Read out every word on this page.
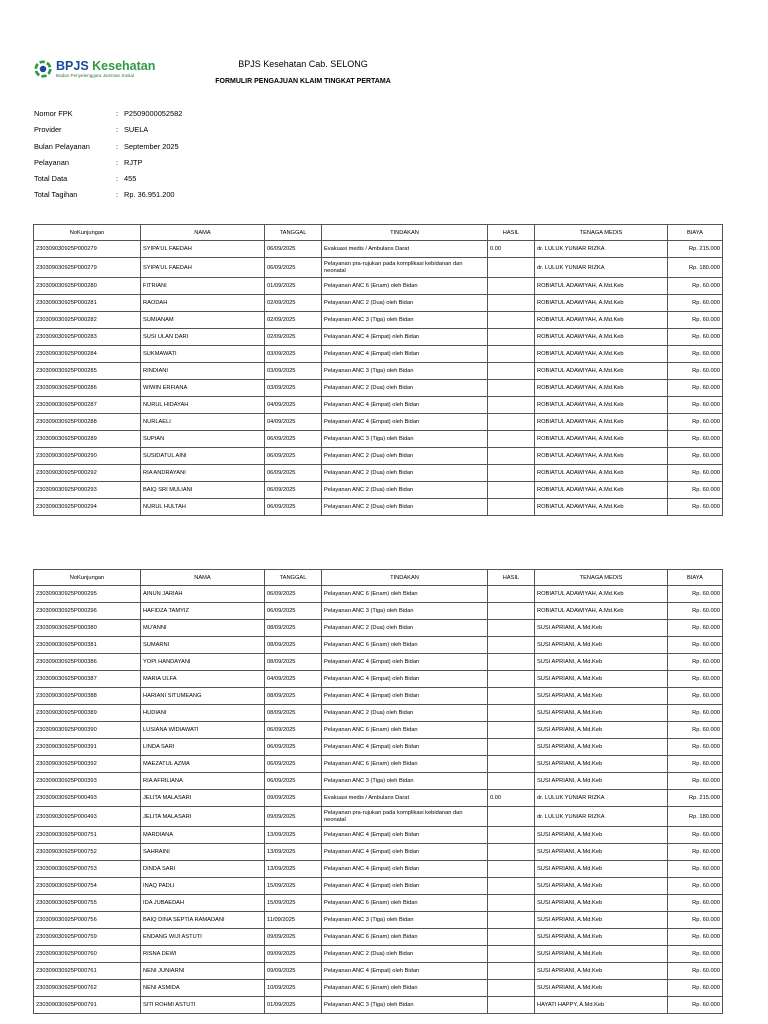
BPJS Kesehatan
Badan Penyelenggara Jaminan Sosial
BPJS Kesehatan Cab. SELONG
FORMULIR PENGAJUAN KLAIM TINGKAT PERTAMA
Nomor FPK	: P2509000052582
Provider	: SUELA
Bulan Pelayanan	: September 2025
Pelayanan	: RJTP
Total Data	: 455
Total Tagihan	: Rp. 36.951.200
NoKunjungan	NAMA	TANGGAL	TINDAKAN	HASIL	TENAGA MEDIS	BIAYA
230309030925P000279	SYIPA'UL FAEDAH	06/09/2025	Evakuasi medis / Ambulans Darat	0.00	dr. LULUK YUNIAR RIZKA	Rp. 215.000
230309030925P000279	SYIPA'UL FAEDAH	06/09/2025	Pelayanan pra-rujukan pada komplikasi kebidanan dan neonatal		dr. LULUK YUNIAR RIZKA	Rp. 180.000
230309030925P000280	FITRIANI	01/09/2025	Pelayanan ANC 6 (Enam) oleh Bidan		ROBIATUL ADAWIYAH, A.Md.Keb	Rp. 60.000
230309030925P000281	RAODAH	02/09/2025	Pelayanan ANC 2 (Dua) oleh Bidan		ROBIATUL ADAWIYAH, A.Md.Keb	Rp. 60.000
230309030925P000282	SUMIANAM	02/09/2025	Pelayanan ANC 3 (Tiga) oleh Bidan		ROBIATUL ADAWIYAH, A.Md.Keb	Rp. 60.000
230309030925P000283	SUSI ULAN DARI	02/09/2025	Pelayanan ANC 4 (Empat) oleh Bidan		ROBIATUL ADAWIYAH, A.Md.Keb	Rp. 60.000
230309030925P000284	SUKMAWATI	03/09/2025	Pelayanan ANC 4 (Empat) oleh Bidan		ROBIATUL ADAWIYAH, A.Md.Keb	Rp. 60.000
230309030925P000285	RINDIANI	03/09/2025	Pelayanan ANC 3 (Tiga) oleh Bidan		ROBIATUL ADAWIYAH, A.Md.Keb	Rp. 60.000
230309030925P000286	WIWIN ERFIANA	03/09/2025	Pelayanan ANC 2 (Dua) oleh Bidan		ROBIATUL ADAWIYAH, A.Md.Keb	Rp. 60.000
230309030925P000287	NURUL HIDAYAH	04/09/2025	Pelayanan ANC 4 (Empat) oleh Bidan		ROBIATUL ADAWIYAH, A.Md.Keb	Rp. 60.000
230309030925P000288	NURLAELI	04/09/2025	Pelayanan ANC 4 (Empat) oleh Bidan		ROBIATUL ADAWIYAH, A.Md.Keb	Rp. 60.000
230309030925P000289	SUPIAN	06/09/2025	Pelayanan ANC 3 (Tiga) oleh Bidan		ROBIATUL ADAWIYAH, A.Md.Keb	Rp. 60.000
230309030925P000290	SUSIDATUL AINI	06/09/2025	Pelayanan ANC 2 (Dua) oleh Bidan		ROBIATUL ADAWIYAH, A.Md.Keb	Rp. 60.000
230309030925P000292	RIA ANDRAYANI	06/09/2025	Pelayanan ANC 2 (Dua) oleh Bidan		ROBIATUL ADAWIYAH, A.Md.Keb	Rp. 60.000
230309030925P000293	BAIQ SRI MULIANI	06/09/2025	Pelayanan ANC 2 (Dua) oleh Bidan		ROBIATUL ADAWIYAH, A.Md.Keb	Rp. 60.000
230309030925P000294	NURUL HULTAH	06/09/2025	Pelayanan ANC 2 (Dua) oleh Bidan		ROBIATUL ADAWIYAH, A.Md.Keb	Rp. 60.000
NoKunjungan	NAMA	TANGGAL	TINDAKAN	HASIL	TENAGA MEDIS	BIAYA
230309030925P000295	AINUN JARIAH	06/09/2025	Pelayanan ANC 6 (Enam) oleh Bidan		ROBIATUL ADAWIYAH, A.Md.Keb	Rp. 60.000
230309030925P000296	HAFIDZA TAMYIZ	06/09/2025	Pelayanan ANC 3 (Tiga) oleh Bidan		ROBIATUL ADAWIYAH, A.Md.Keb	Rp. 60.000
230309030925P000380	MU'ANNI	08/09/2025	Pelayanan ANC 2 (Dua) oleh Bidan		SUSI APRIANI, A.Md.Keb	Rp. 60.000
230309030925P000381	SUMARNI	08/09/2025	Pelayanan ANC 6 (Enam) oleh Bidan		SUSI APRIANI, A.Md.Keb	Rp. 60.000
230309030925P000386	YOPI HANDAYANI	08/09/2025	Pelayanan ANC 4 (Empat) oleh Bidan		SUSI APRIANI, A.Md.Keb	Rp. 60.000
230309030925P000387	MARIA ULFA	04/09/2025	Pelayanan ANC 4 (Empat) oleh Bidan		SUSI APRIANI, A.Md.Keb	Rp. 60.000
230309030925P000388	HARIANI SITUMEANG	08/09/2025	Pelayanan ANC 4 (Empat) oleh Bidan		SUSI APRIANI, A.Md.Keb	Rp. 60.000
230309030925P000389	HUDIANI	08/09/2025	Pelayanan ANC 2 (Dua) oleh Bidan		SUSI APRIANI, A.Md.Keb	Rp. 60.000
230309030925P000390	LUSIANA WIDIAWATI	06/09/2025	Pelayanan ANC 6 (Enam) oleh Bidan		SUSI APRIANI, A.Md.Keb	Rp. 60.000
230309030925P000391	LINDA SARI	06/09/2025	Pelayanan ANC 4 (Empat) oleh Bidan		SUSI APRIANI, A.Md.Keb	Rp. 60.000
230309030925P000392	MAEZATUL AZMA	06/09/2025	Pelayanan ANC 6 (Enam) oleh Bidan		SUSI APRIANI, A.Md.Keb	Rp. 60.000
230309030925P000393	RIA AFRILIANA	06/09/2025	Pelayanan ANC 3 (Tiga) oleh Bidan		SUSI APRIANI, A.Md.Keb	Rp. 60.000
230309030925P000493	JELITA MALASARI	09/09/2025	Evakuasi medis / Ambulans Darat	0.00	dr. LULUK YUNIAR RIZKA	Rp. 215.000
230309030925P000493	JELITA MALASARI	09/09/2025	Pelayanan pra-rujukan pada komplikasi kebidanan dan neonatal		dr. LULUK YUNIAR RIZKA	Rp. 180.000
230309030925P000751	MARDIANA	13/09/2025	Pelayanan ANC 4 (Empat) oleh Bidan		SUSI APRIANI, A.Md.Keb	Rp. 60.000
230309030925P000752	SAHRAINI	13/09/2025	Pelayanan ANC 4 (Empat) oleh Bidan		SUSI APRIANI, A.Md.Keb	Rp. 60.000
230309030925P000753	DINDA SARI	13/09/2025	Pelayanan ANC 4 (Empat) oleh Bidan		SUSI APRIANI, A.Md.Keb	Rp. 60.000
230309030925P000754	INAQ PADLI	15/09/2025	Pelayanan ANC 4 (Empat) oleh Bidan		SUSI APRIANI, A.Md.Keb	Rp. 60.000
230309030925P000755	IDA JUBAEDAH	15/09/2025	Pelayanan ANC 6 (Enam) oleh Bidan		SUSI APRIANI, A.Md.Keb	Rp. 60.000
230309030925P000756	BAIQ DINA SEPTIA RAMADANI	11/09/2025	Pelayanan ANC 3 (Tiga) oleh Bidan		SUSI APRIANI, A.Md.Keb	Rp. 60.000
230309030925P000759	ENDANG WIJI ASTUTI	09/09/2025	Pelayanan ANC 6 (Enam) oleh Bidan		SUSI APRIANI, A.Md.Keb	Rp. 60.000
230309030925P000760	RISNA DEWI	09/09/2025	Pelayanan ANC 2 (Dua) oleh Bidan		SUSI APRIANI, A.Md.Keb	Rp. 60.000
230309030925P000761	NENI JUNIARNI	09/09/2025	Pelayanan ANC 4 (Empat) oleh Bidan		SUSI APRIANI, A.Md.Keb	Rp. 60.000
230309030925P000762	NENI ASMIDA	10/09/2025	Pelayanan ANC 6 (Enam) oleh Bidan		SUSI APRIANI, A.Md.Keb	Rp. 60.000
230309030925P000791	SITI ROHMI ASTUTI	01/09/2025	Pelayanan ANC 3 (Tiga) oleh Bidan		HAYATI HAPPY, A.Md.Keb	Rp. 60.000
